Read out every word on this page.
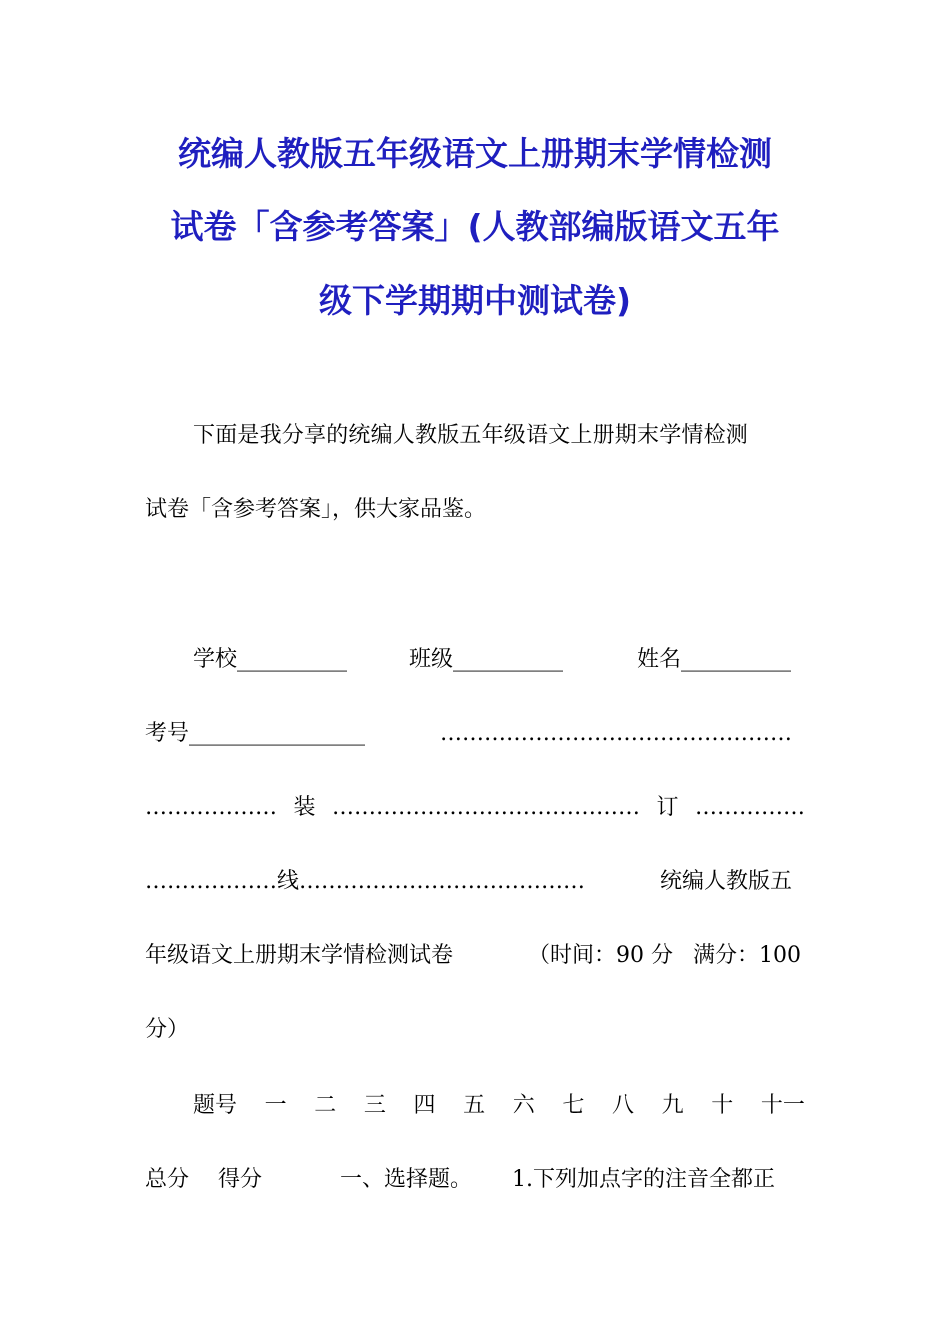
统编人教版五年级语文上册期末学情检测
试卷「含参考答案」(人教部编版语文五年
级下学期期中测试卷)
下面是我分享的统编人教版五年级语文上册期末学情检测
试卷「含参考答案」，供大家品鉴。
学校__________	班级__________	姓名__________
考号________________	…………………………………………
……………… 装 …………………………………… 订 ……………
………………线…………………………………	统编人教版五
年级语文上册期末学情检测试卷	（时间：90 分 满分：100
分）
题号 一 二 三 四 五 六 七 八 九 十 十一
总分 得分	一、选择题。 1.下列加点字的注音全都正
